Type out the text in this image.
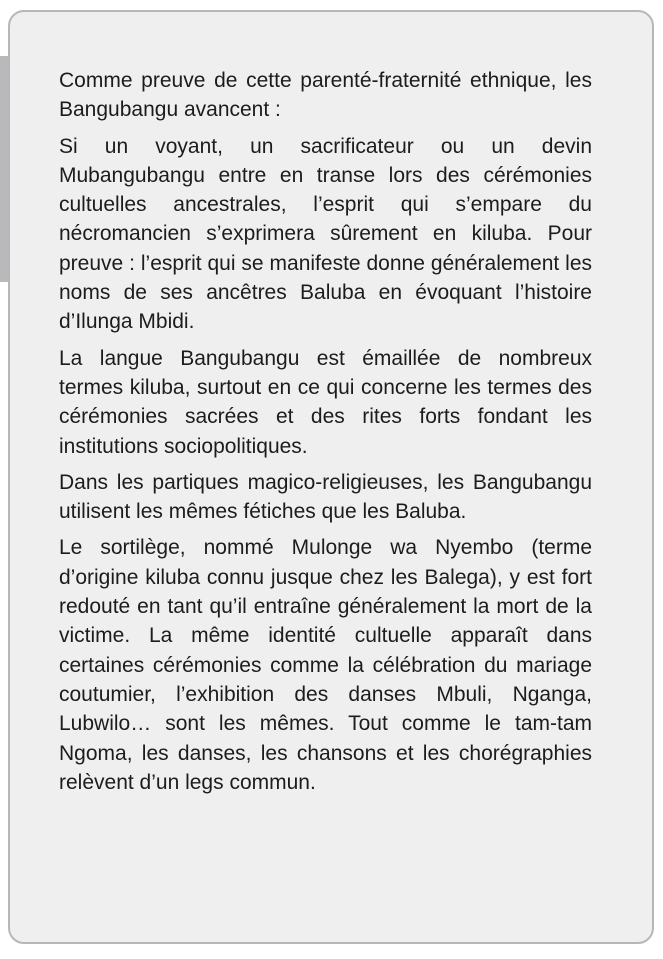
Comme preuve de cette parenté-fraternité ethnique, les Bangubangu avancent :

Si un voyant, un sacrificateur ou un devin Mubangubangu entre en transe lors des cérémonies cultuelles ancestrales, l’esprit qui s’empare du nécromancien s’exprimera sûrement en kiluba. Pour preuve : l’esprit qui se manifeste donne généralement les noms de ses ancêtres Baluba en évoquant l’histoire d’Ilunga Mbidi.

La langue Bangubangu est émaillée de nombreux termes kiluba, surtout en ce qui concerne les termes des cérémonies sacrées et des rites forts fondant les institutions sociopolitiques.

Dans les partiques magico-religieuses, les Bangubangu utilisent les mêmes fétiches que les Baluba.

Le sortilège, nommé Mulonge wa Nyembo (terme d’origine kiluba connu jusque chez les Balega), y est fort redouté en tant qu’il entraîne généralement la mort de la victime. La même identité cultuelle apparaît dans certaines cérémonies comme la célébration du mariage coutumier, l’exhibition des danses Mbuli, Nganga, Lubwilo… sont les mêmes. Tout comme le tam-tam Ngoma, les danses, les chansons et les chorégraphies relèvent d’un legs commun.
